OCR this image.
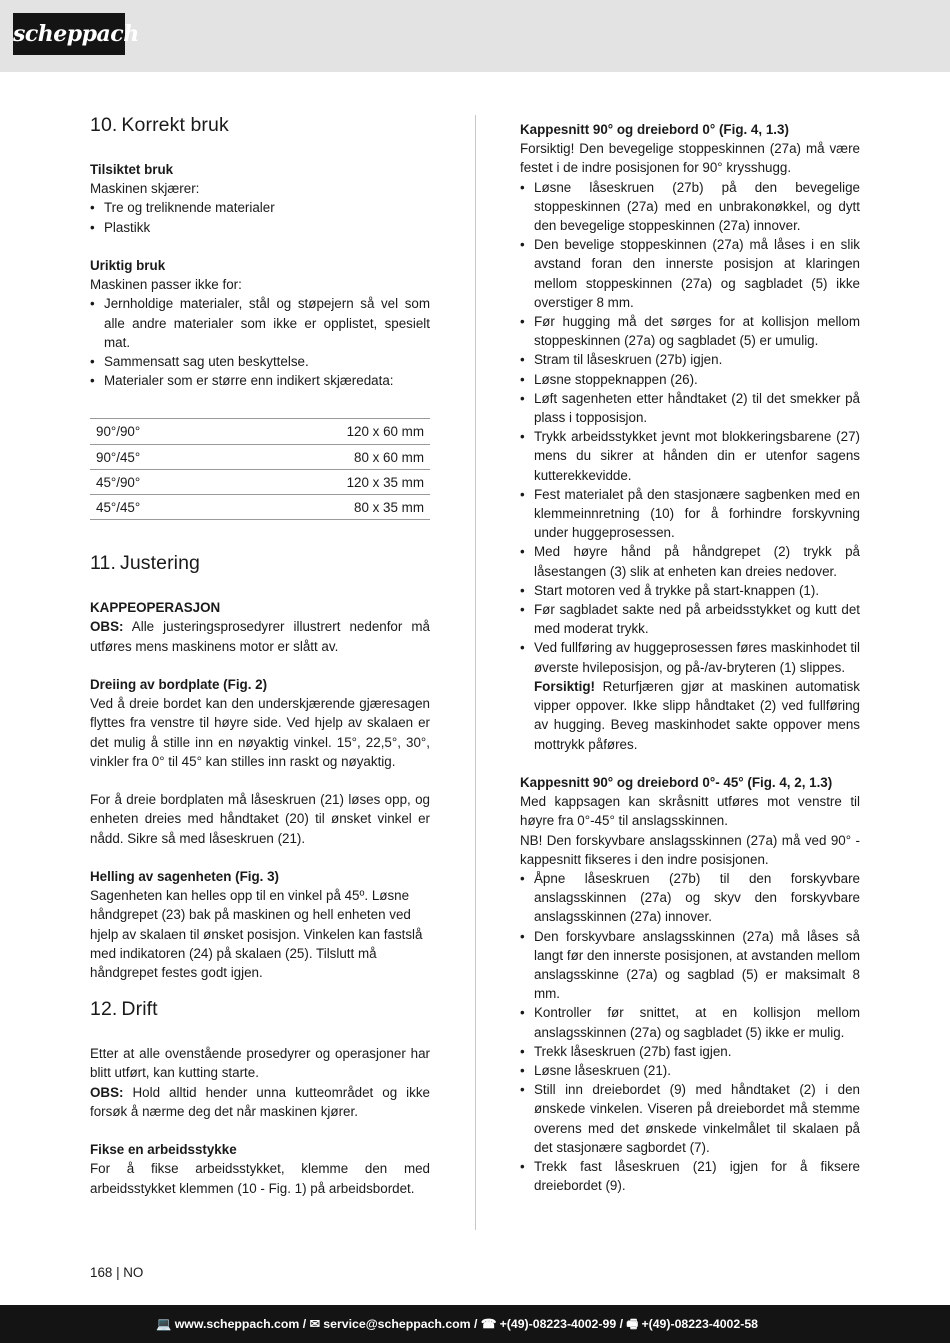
scheppach
10. Korrekt bruk

Tilsiktet bruk

Maskinen skjærer:

• Tre og treliknende materialer
• Plastikk

Uriktig bruk

Maskinen passer ikke for:

• Jernholdige materialer, stål og støpejern så vel som alle andre materialer som ikke er opplistet, spesielt mat.
• Sammensatt sag uten beskyttelse.
• Materialer som er større enn indikert skjæredata:
90°/90°	120 x 60 mm
90°/45°	80 x 60 mm
45°/90°	120 x 35 mm
45°/45°	80 x 35 mm
11. Justering

KAPPEOPERASJON

OBS: Alle justeringsprosedyrer illustrert nedenfor må utføres mens maskinens motor er slått av.

Dreiing av bordplate (Fig. 2)

Ved å dreie bordet kan den underskjærende gjæresagen flyttes fra venstre til høyre side. Ved hjelp av skalaen er det mulig å stille inn en nøyaktig vinkel. 15°, 22,5°, 30°, vinkler fra 0° til 45° kan stilles inn raskt og nøyaktig.

For å dreie bordplaten må låseskruen (21) løses opp, og enheten dreies med håndtaket (20) til ønsket vinkel er nådd. Sikre så med låseskruen (21).

Helling av sagenheten (Fig. 3)

Sagenheten kan helles opp til en vinkel på 45º. Løsne håndgrepet (23) bak på maskinen og hell enheten ved hjelp av skalaen til ønsket posisjon. Vinkelen kan fastslå med indikatoren (24) på skalaen (25). Tilslutt må håndgrepet festes godt igjen.

12. Drift

Etter at alle ovenstående prosedyrer og operasjoner har blitt utført, kan kutting starte.

OBS: Hold alltid hender unna kutteområdet og ikke forsøk å nærme deg det når maskinen kjører.

Fikse en arbeidsstykke

For å fikse arbeidsstykket, klemme den med arbeidsstykket klemmen (10 - Fig. 1) på arbeidsbordet.

Kappesnitt 90° og dreiebord 0° (Fig. 4, 1.3)

Forsiktig! Den bevegelige stoppeskinnen (27a) må være festet i de indre posisjonen for 90° krysshugg.

• Løsne låseskruen (27b) på den bevegelige stoppeskinnen (27a) med en unbrakonøkkel, og dytt den bevegelige stoppeskinnen (27a) innover.
• Den bevelige stoppeskinnen (27a) må låses i en slik avstand foran den innerste posisjon at klaringen mellom stoppeskinnen (27a) og sagbladet (5) ikke overstiger 8 mm.
• Før hugging må det sørges for at kollisjon mellom stoppeskinnen (27a) og sagbladet (5) er umulig.
• Stram til låseskruen (27b) igjen.
• Løsne stoppeknappen (26).
• Løft sagenheten etter håndtaket (2) til det smekker på plass i topposisjon.
• Trykk arbeidsstykket jevnt mot blokkeringsbarene (27) mens du sikrer at hånden din er utenfor sagens kutterekkevidde.
• Fest materialet på den stasjonære sagbenken med en klemmeinnretning (10) for å forhindre forskyvning under huggeprosessen.
• Med høyre hånd på håndgrepet (2) trykk på låsestangen (3) slik at enheten kan dreies nedover.
• Start motoren ved å trykke på start-knappen (1).
• Før sagbladet sakte ned på arbeidsstykket og kutt det med moderat trykk.
• Ved fullføring av huggeprosessen føres maskinhodet til øverste hvileposisjon, og på-/av-bryteren (1) slippes.

Forsiktig! Returfjæren gjør at maskinen automatisk vipper oppover. Ikke slipp håndtaket (2) ved fullføring av hugging. Beveg maskinhodet sakte oppover mens mottrykk påføres.

Kappesnitt 90° og dreiebord 0°- 45° (Fig. 4, 2, 1.3)

Med kappsagen kan skråsnitt utføres mot venstre til høyre fra 0°-45° til anslagsskinnen.

NB! Den forskyvbare anslagsskinnen (27a) må ved 90° - kappesnitt fikseres i den indre posisjonen.

• Åpne låseskruen (27b) til den forskyvbare anslagsskinnen (27a) og skyv den forskyvbare anslagsskinnen (27a) innover.
• Den forskyvbare anslagsskinnen (27a) må låses så langt før den innerste posisjonen, at avstanden mellom anslagsskinne (27a) og sagblad (5) er maksimalt 8 mm.
• Kontroller før snittet, at en kollisjon mellom anslagsskinnen (27a) og sagbladet (5) ikke er mulig.
• Trekk låseskruen (27b) fast igjen.
• Løsne låseskruen (21).
• Still inn dreiebordet (9) med håndtaket (2) i den ønskede vinkelen. Viseren på dreiebordet må stemme overens med det ønskede vinkelmålet til skalaen på det stasjonære sagbordet (7).
• Trekk fast låseskruen (21) igjen for å fiksere dreiebordet (9).
168 | NO
💻 www.scheppach.com / ✉ service@scheppach.com / ☎ +(49)-08223-4002-99 / 🖷 +(49)-08223-4002-58
